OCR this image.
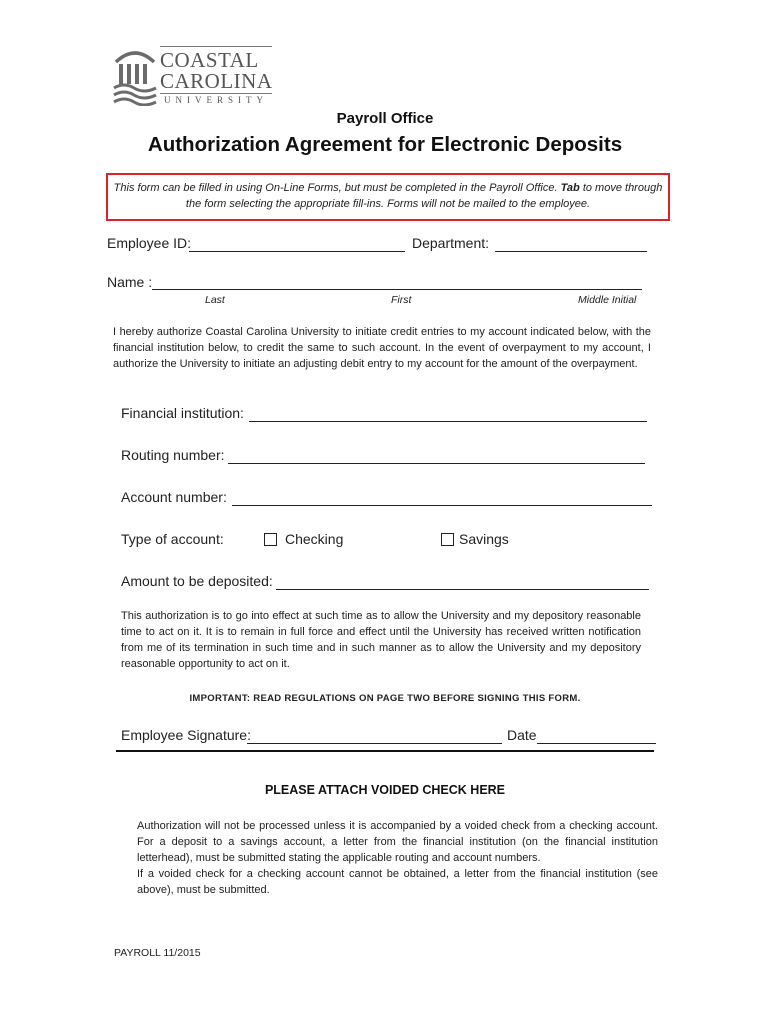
COASTAL
CAROLINA
UNIVERSITY
Payroll Office
Authorization Agreement for Electronic Deposits

This form can be filled in using On-Line Forms, but must be completed in the Payroll Office. Tab to move through the form selecting the appropriate fill-ins. Forms will not be mailed to the employee.

Employee ID:	Department:
Name :
Last	First	Middle Initial
I hereby authorize Coastal Carolina University to initiate credit entries to my account indicated below, with the financial institution below, to credit the same to such account. In the event of overpayment to my account, I authorize the University to initiate an adjusting debit entry to my account for the amount of the overpayment.
Financial institution:
Routing number:
Account number:
Type of account:	Checking	Savings
Amount to be deposited:
This authorization is to go into effect at such time as to allow the University and my depository reasonable time to act on it. It is to remain in full force and effect until the University has received written notification from me of its termination in such time and in such manner as to allow the University and my depository reasonable opportunity to act on it.
IMPORTANT: READ REGULATIONS ON PAGE TWO BEFORE SIGNING THIS FORM.
Employee Signature:	Date
PLEASE ATTACH VOIDED CHECK HERE
Authorization will not be processed unless it is accompanied by a voided check from a checking account. For a deposit to a savings account, a letter from the financial institution (on the financial institution letterhead), must be submitted stating the applicable routing and account numbers.
If a voided check for a checking account cannot be obtained, a letter from the financial institution (see above), must be submitted.
PAYROLL 11/2015
